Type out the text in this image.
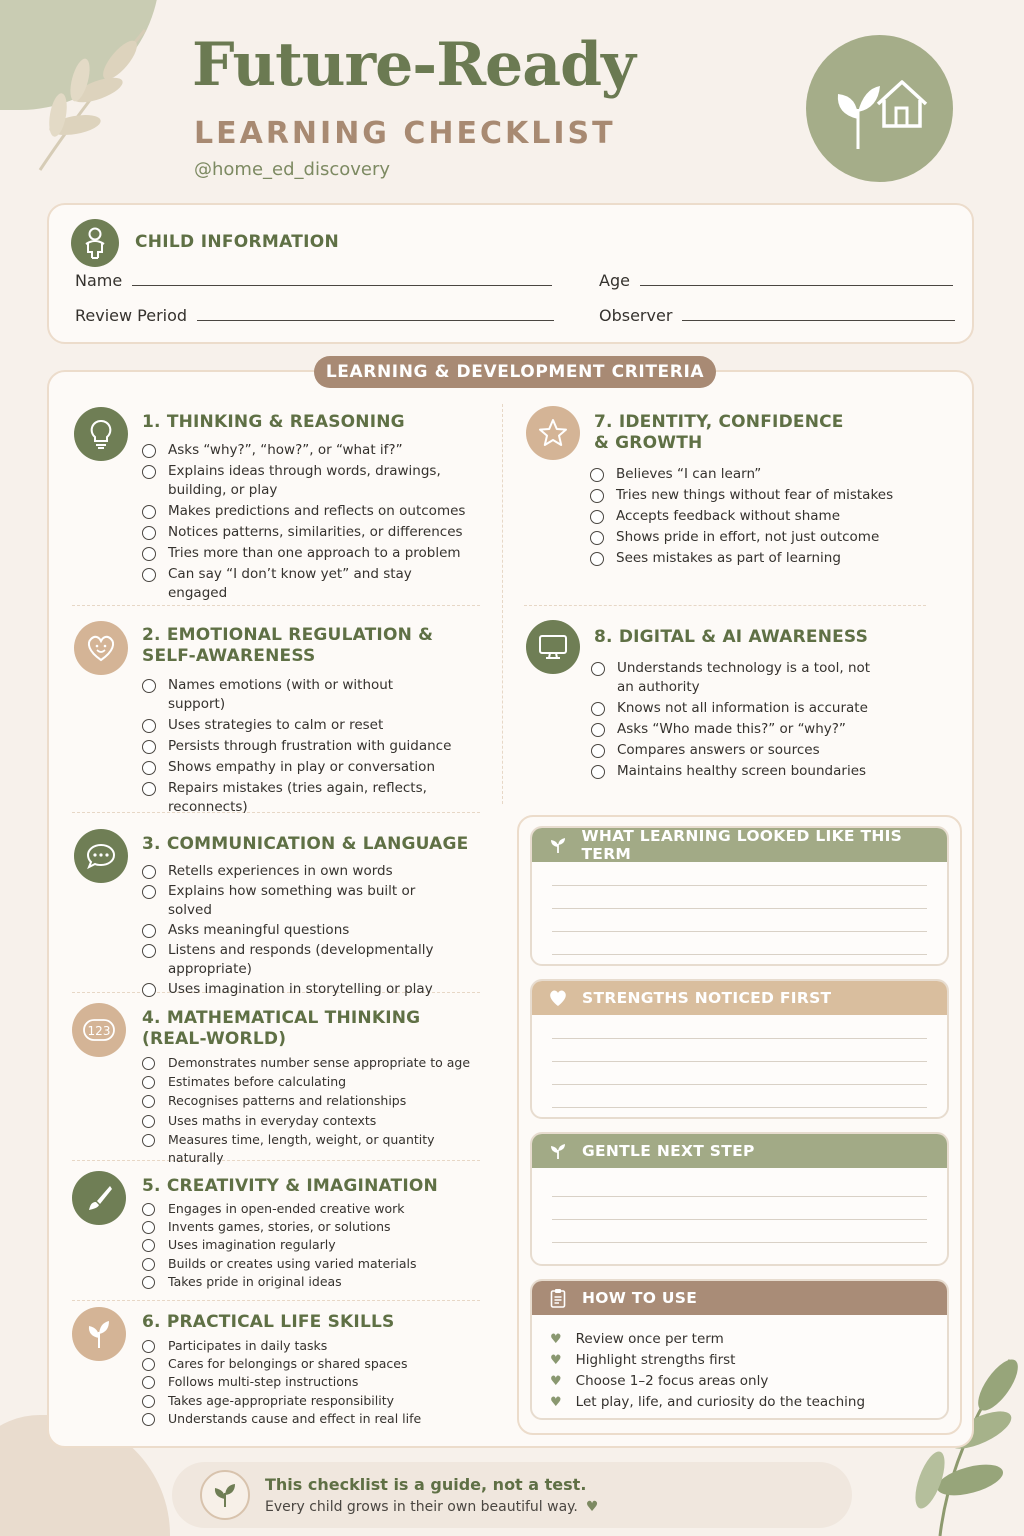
Future-Ready
LEARNING CHECKLIST
@home_ed_discovery
CHILD INFORMATION
Name	Age
Review Period	Observer
LEARNING & DEVELOPMENT CRITERIA
1. THINKING & REASONING
Asks “why?”, “how?”, or “what if?”
Explains ideas through words, drawings, building, or play
Makes predictions and reflects on outcomes
Notices patterns, similarities, or differences
Tries more than one approach to a problem
Can say “I don’t know yet” and stay engaged
2. EMOTIONAL REGULATION & SELF-AWARENESS
Names emotions (with or without support)
Uses strategies to calm or reset
Persists through frustration with guidance
Shows empathy in play or conversation
Repairs mistakes (tries again, reflects, reconnects)
3. COMMUNICATION & LANGUAGE
Retells experiences in own words
Explains how something was built or solved
Asks meaningful questions
Listens and responds (developmentally appropriate)
Uses imagination in storytelling or play
123
4. MATHEMATICAL THINKING (REAL-WORLD)
Demonstrates number sense appropriate to age
Estimates before calculating
Recognises patterns and relationships
Uses maths in everyday contexts
Measures time, length, weight, or quantity naturally
5. CREATIVITY & IMAGINATION
Engages in open-ended creative work
Invents games, stories, or solutions
Uses imagination regularly
Builds or creates using varied materials
Takes pride in original ideas
6. PRACTICAL LIFE SKILLS
Participates in daily tasks
Cares for belongings or shared spaces
Follows multi-step instructions
Takes age-appropriate responsibility
Understands cause and effect in real life
7. IDENTITY, CONFIDENCE & GROWTH
Believes “I can learn”
Tries new things without fear of mistakes
Accepts feedback without shame
Shows pride in effort, not just outcome
Sees mistakes as part of learning
8. DIGITAL & AI AWARENESS
Understands technology is a tool, not an authority
Knows not all information is accurate
Asks “Who made this?” or “why?”
Compares answers or sources
Maintains healthy screen boundaries
WHAT LEARNING LOOKED LIKE THIS TERM
STRENGTHS NOTICED FIRST
GENTLE NEXT STEP
HOW TO USE
♥ Review once per term
♥ Highlight strengths first
♥ Choose 1–2 focus areas only
♥ Let play, life, and curiosity do the teaching
This checklist is a guide, not a test.
Every child grows in their own beautiful way. ♥
